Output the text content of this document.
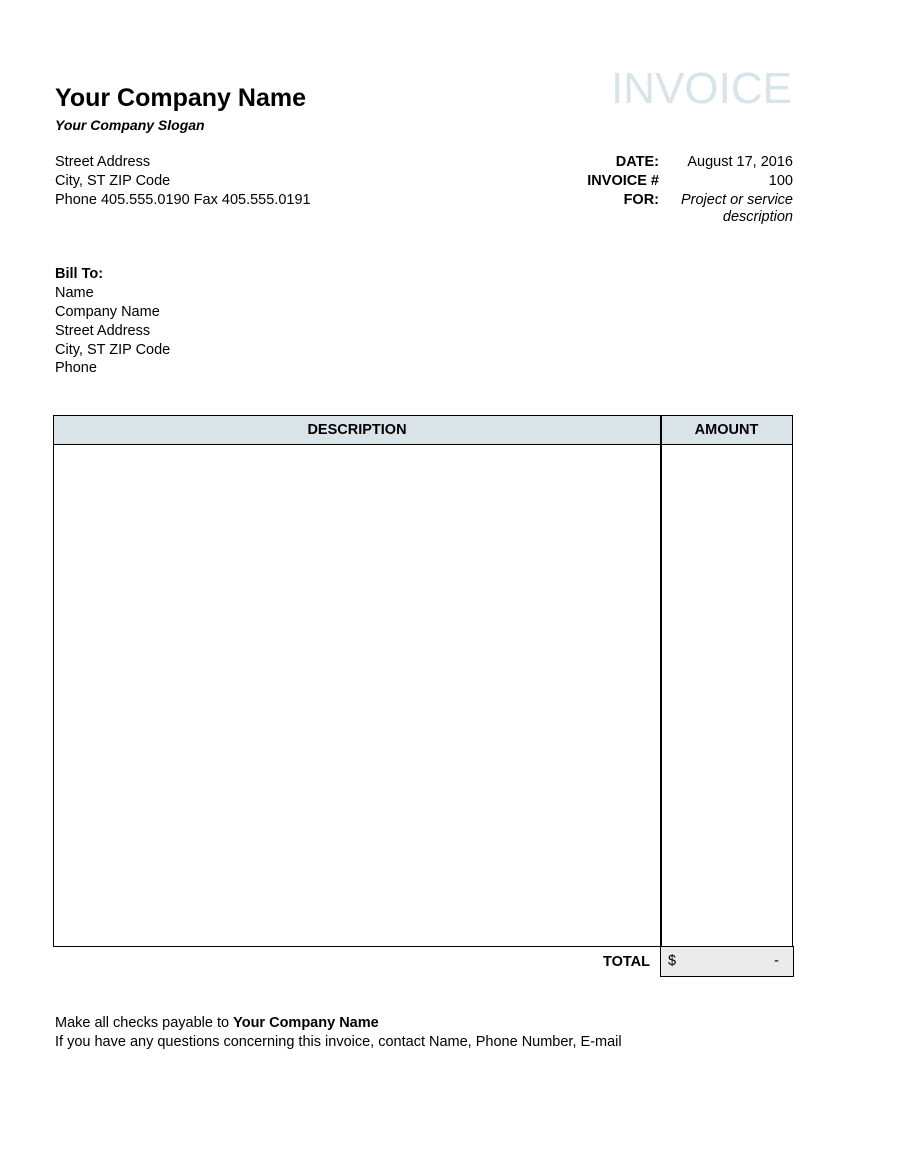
Your Company Name
Your Company Slogan
INVOICE
Street Address
City, ST ZIP Code
Phone 405.555.0190 Fax 405.555.0191
DATE:	August 17, 2016
INVOICE #	100
FOR:	Project or service description
Bill To:
Name
Company Name
Street Address
City, ST ZIP Code
Phone
DESCRIPTION	AMOUNT
TOTAL $	-
Make all checks payable to Your Company Name
If you have any questions concerning this invoice, contact Name, Phone Number, E-mail
